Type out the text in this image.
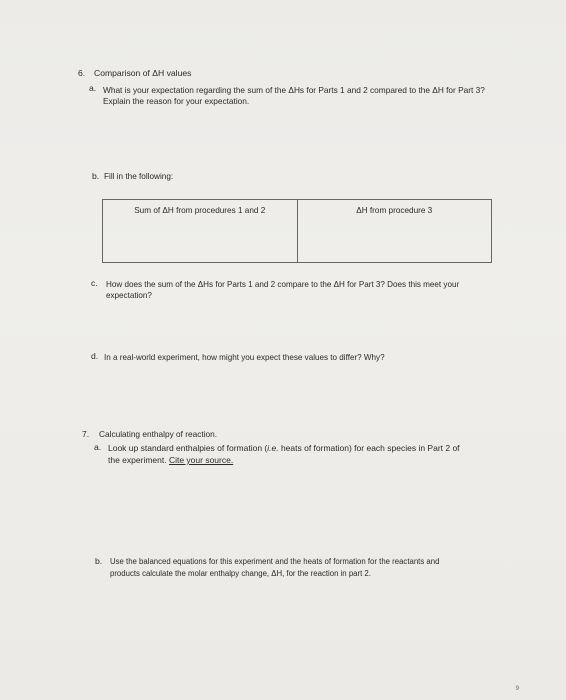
6. Comparison of ΔH values
a. What is your expectation regarding the sum of the ΔHs for Parts 1 and 2 compared to the ΔH for Part 3?
Explain the reason for your expectation.
b. Fill in the following:
Sum of ΔH from procedures 1 and 2	ΔH from procedure 3
c. How does the sum of the ΔHs for Parts 1 and 2 compare to the ΔH for Part 3? Does this meet your
expectation?
d. In a real-world experiment, how might you expect these values to differ? Why?
7. Calculating enthalpy of reaction.
a. Look up standard enthalpies of formation (i.e. heats of formation) for each species in Part 2 of
the experiment. Cite your source.
b. Use the balanced equations for this experiment and the heats of formation for the reactants and
products calculate the molar enthalpy change, ΔH, for the reaction in part 2.
9
